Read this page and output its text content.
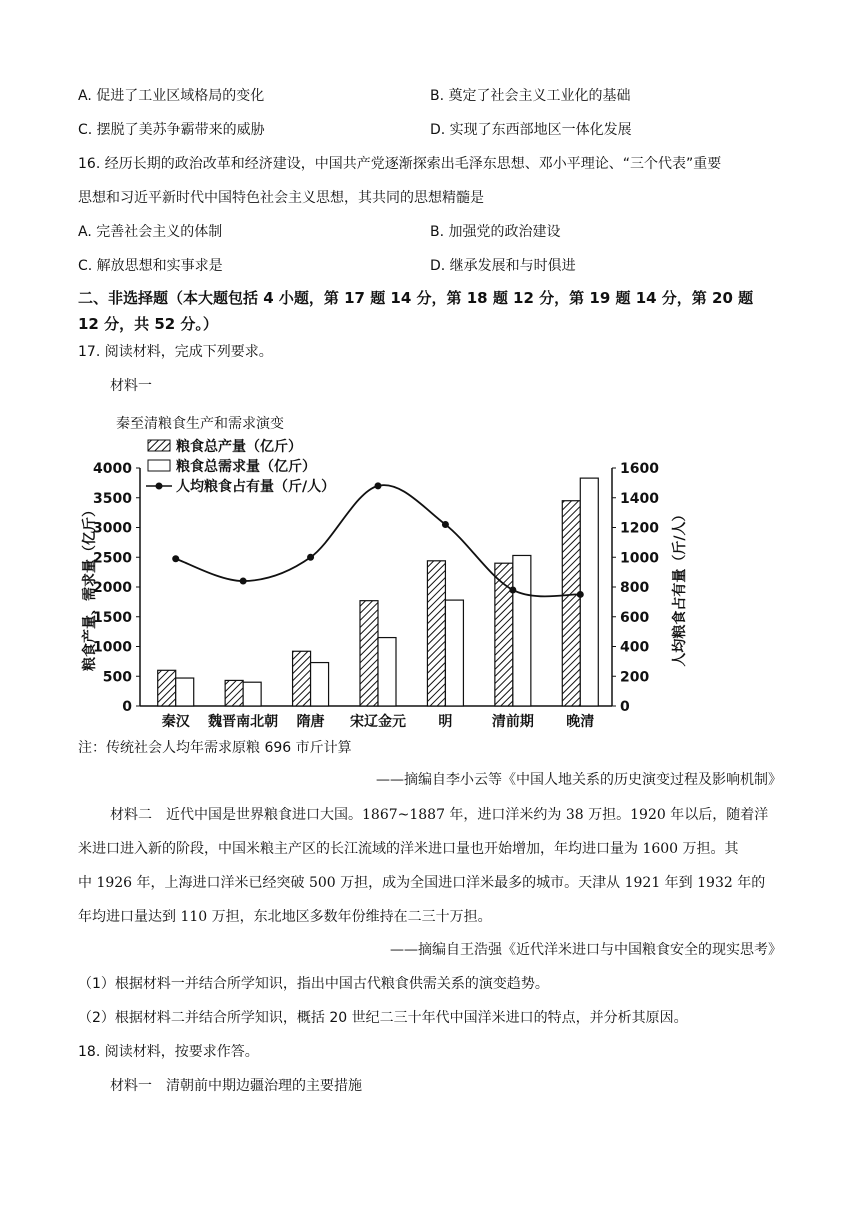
A. 促进了工业区域格局的变化	B. 奠定了社会主义工业化的基础
C. 摆脱了美苏争霸带来的威胁	D. 实现了东西部地区一体化发展
16. 经历长期的政治改革和经济建设，中国共产党逐渐探索出毛泽东思想、邓小平理论、“三个代表”重要
思想和习近平新时代中国特色社会主义思想，其共同的思想精髓是
A. 完善社会主义的体制	B. 加强党的政治建设
C. 解放思想和实事求是	D. 继承发展和与时俱进
二、非选择题（本大题包括 4 小题，第 17 题 14 分，第 18 题 12 分，第 19 题 14 分，第 20 题
12 分，共 52 分。）
17. 阅读材料，完成下列要求。
材料一
秦至清粮食生产和需求演变
0
500
1000
1500
2000
2500
3000
3500
4000
0
200
400
600
800
1000
1200
1400
1600
粮食产量、需求量（亿斤）	人均粮食占有量（斤/人）
秦汉 魏晋南北朝 隋唐 宋辽金元 明	清前期 晚清
粮食总产量（亿斤）
粮食总需求量（亿斤）
人均粮食占有量（斤/人）
注：传统社会人均年需求原粮 696 市斤计算
——摘编自李小云等《中国人地关系的历史演变过程及影响机制》
材料二　近代中国是世界粮食进口大国。1867~1887 年，进口洋米约为 38 万担。1920 年以后，随着洋
米进口进入新的阶段，中国米粮主产区的长江流域的洋米进口量也开始增加，年均进口量为 1600 万担。其
中 1926 年，上海进口洋米已经突破 500 万担，成为全国进口洋米最多的城市。天津从 1921 年到 1932 年的
年均进口量达到 110 万担，东北地区多数年份维持在二三十万担。
——摘编自王浩强《近代洋米进口与中国粮食安全的现实思考》
（1）根据材料一并结合所学知识，指出中国古代粮食供需关系的演变趋势。
（2）根据材料二并结合所学知识，概括 20 世纪二三十年代中国洋米进口的特点，并分析其原因。
18. 阅读材料，按要求作答。
材料一　清朝前中期边疆治理的主要措施
